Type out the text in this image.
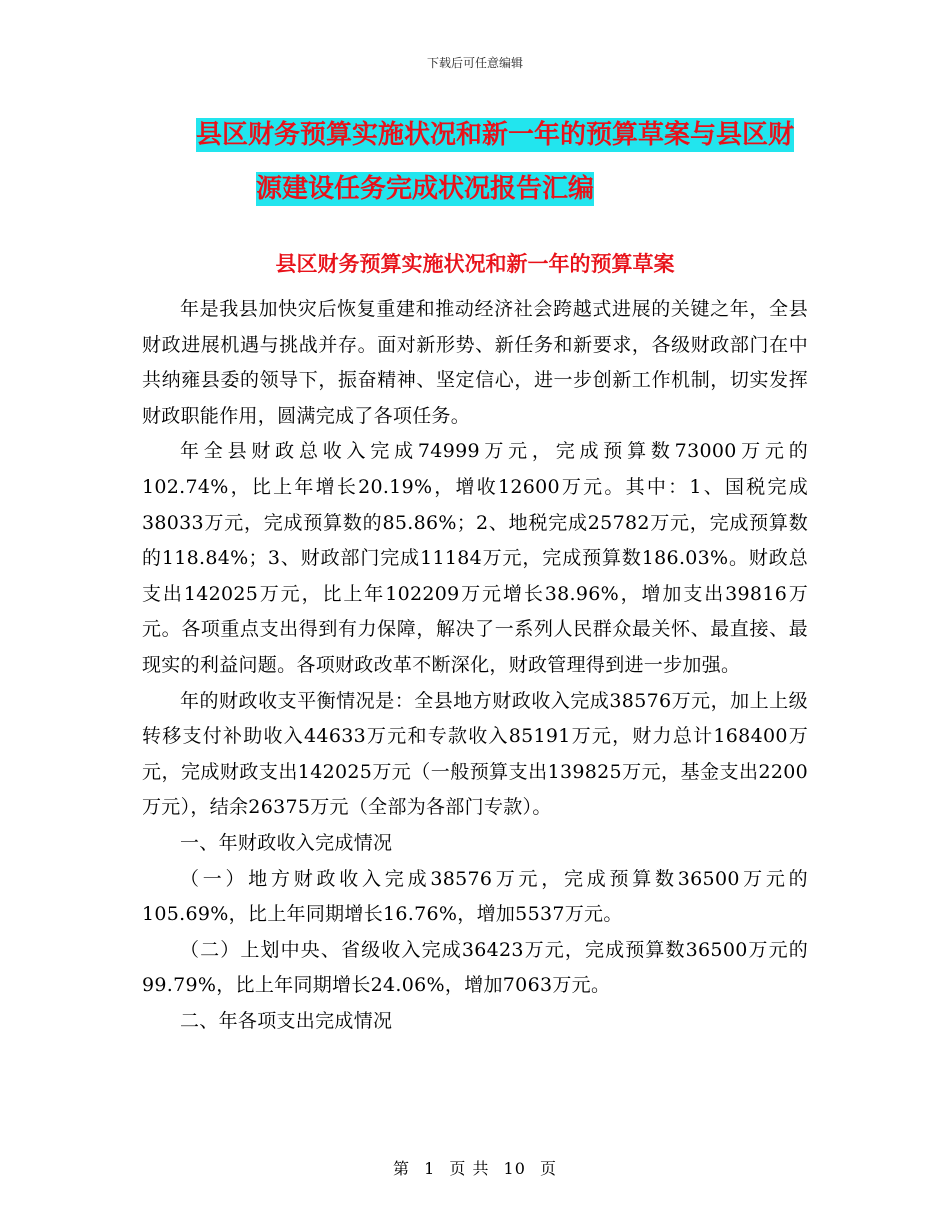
下载后可任意编辑
县区财务预算实施状况和新一年的预算草案与县区财
源建设任务完成状况报告汇编
县区财务预算实施状况和新一年的预算草案

年是我县加快灾后恢复重建和推动经济社会跨越式进展的关键之年，全县财政进展机遇与挑战并存。面对新形势、新任务和新要求，各级财政部门在中共纳雍县委的领导下，振奋精神、坚定信心，进一步创新工作机制，切实发挥财政职能作用，圆满完成了各项任务。

年全县财政总收入完成74999万元，完成预算数73000万元的102.74%，比上年增长20.19%，增收12600万元。其中：1、国税完成38033万元，完成预算数的85.86%；2、地税完成25782万元，完成预算数的118.84%；3、财政部门完成11184万元，完成预算数186.03%。财政总支出142025万元，比上年102209万元增长38.96%，增加支出39816万元。各项重点支出得到有力保障，解决了一系列人民群众最关怀、最直接、最现实的利益问题。各项财政改革不断深化，财政管理得到进一步加强。

年的财政收支平衡情况是：全县地方财政收入完成38576万元，加上上级转移支付补助收入44633万元和专款收入85191万元，财力总计168400万元，完成财政支出142025万元（一般预算支出139825万元，基金支出2200万元），结余26375万元（全部为各部门专款）。

一、年财政收入完成情况

（一）地方财政收入完成38576万元，完成预算数36500万元的105.69%，比上年同期增长16.76%，增加5537万元。

（二）上划中央、省级收入完成36423万元，完成预算数36500万元的99.79%，比上年同期增长24.06%，增加7063万元。

二、年各项支出完成情况

第 1 页 共 10 页
